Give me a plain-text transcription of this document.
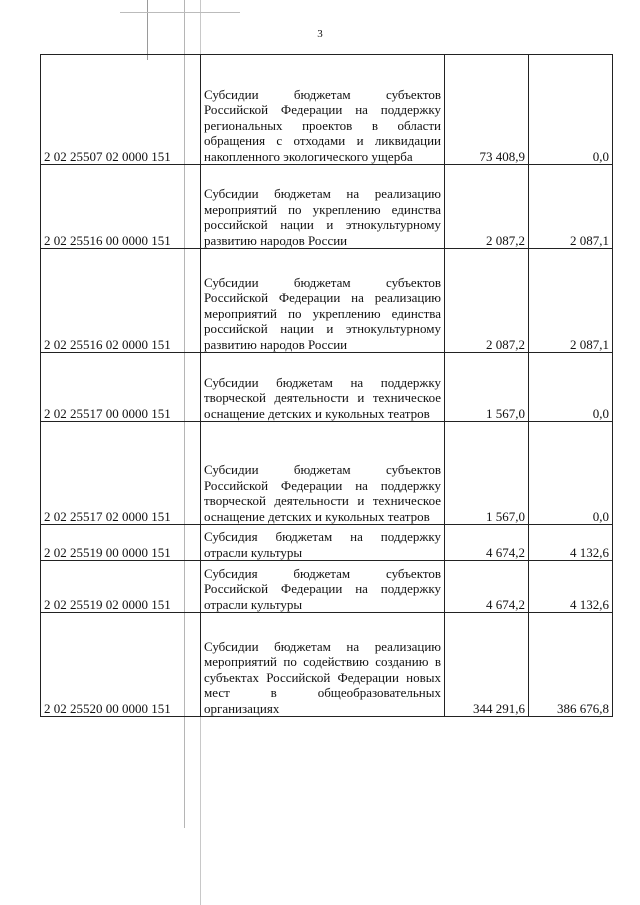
3
2 02 25507 02 0000 151	Субсидии бюджетам субъектов Российской Федерации на поддержку региональных проектов в области обращения с отходами и ликвидации накопленного экологического ущерба	73 408,9	0,0
2 02 25516 00 0000 151	Субсидии бюджетам на реализацию мероприятий по укреплению единства российской нации и этнокультурному развитию народов России	2 087,2	2 087,1
2 02 25516 02 0000 151	Субсидии бюджетам субъектов Российской Федерации на реализацию мероприятий по укреплению единства российской нации и этнокультурному развитию народов России	2 087,2	2 087,1
2 02 25517 00 0000 151	Субсидии бюджетам на поддержку творческой деятельности и техническое оснащение детских и кукольных театров	1 567,0	0,0
2 02 25517 02 0000 151	Субсидии бюджетам субъектов Российской Федерации на поддержку творческой деятельности и техническое оснащение детских и кукольных театров	1 567,0	0,0
2 02 25519 00 0000 151	Субсидия бюджетам на поддержку отрасли культуры	4 674,2	4 132,6
2 02 25519 02 0000 151	Субсидия бюджетам субъектов Российской Федерации на поддержку отрасли культуры	4 674,2	4 132,6
2 02 25520 00 0000 151	Субсидии бюджетам на реализацию мероприятий по содействию созданию в субъектах Российской Федерации новых мест в общеобразовательных организациях	344 291,6	386 676,8
